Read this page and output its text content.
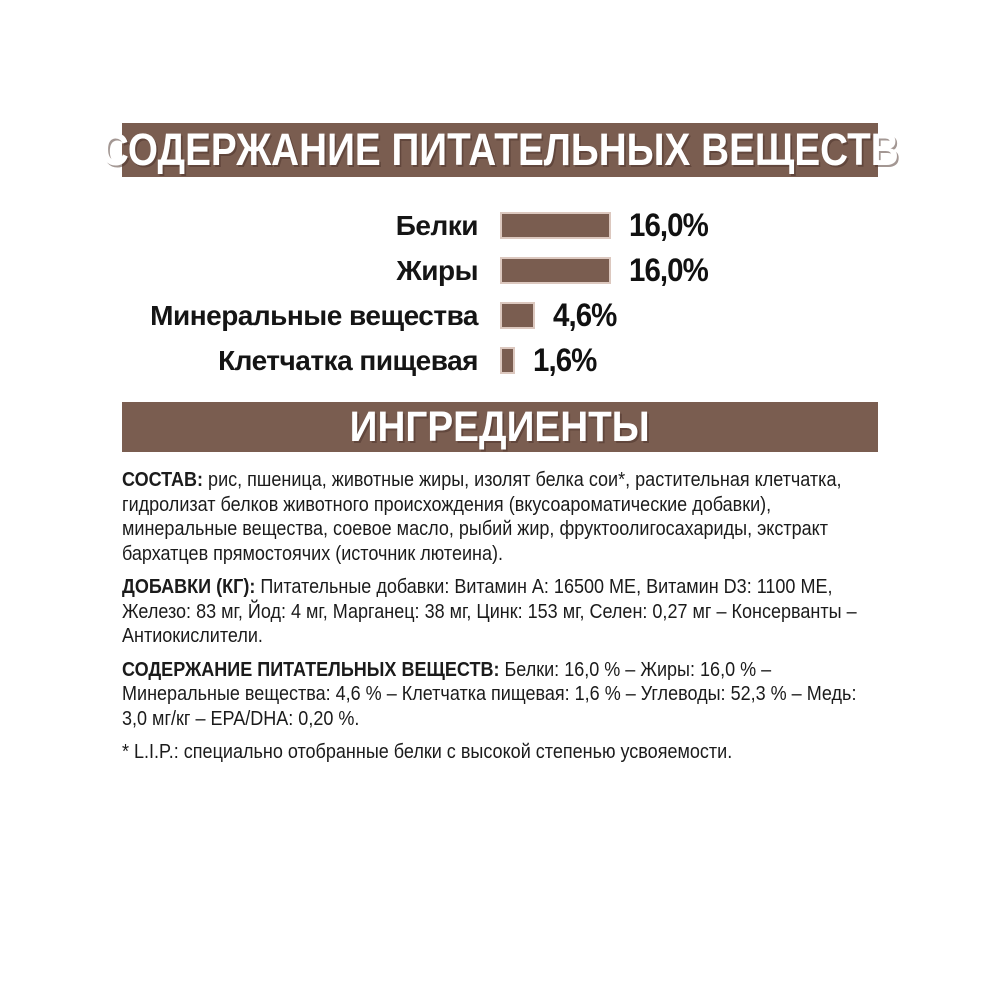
СОДЕРЖАНИЕ ПИТАТЕЛЬНЫХ ВЕЩЕСТВ
Белки	16,0%
Жиры	16,0%
Минеральные вещества	4,6%
Клетчатка пищевая	1,6%
ИНГРЕДИЕНТЫ

СОСТАВ: рис, пшеница, животные жиры, изолят белка сои*, растительная клетчатка, гидролизат белков животного происхождения (вкусоароматические добавки), минеральные вещества, соевое масло, рыбий жир, фруктоолигосахариды, экстракт бархатцев прямостоячих (источник лютеина).

ДОБАВКИ (КГ): Питательные добавки: Витамин A: 16500 МЕ, Витамин D3: 1100 МЕ, Железо: 83 мг, Йод: 4 мг, Марганец: 38 мг, Цинк: 153 мг, Селен: 0,27 мг – Консерванты – Антиокислители.

СОДЕРЖАНИЕ ПИТАТЕЛЬНЫХ ВЕЩЕСТВ: Белки: 16,0 % – Жиры: 16,0 % – Минеральные вещества: 4,6 % – Клетчатка пищевая: 1,6 % – Углеводы: 52,3 % – Медь: 3,0 мг/кг – EPA/DHA: 0,20 %.

* L.I.P.: специально отобранные белки с высокой степенью усвояемости.
